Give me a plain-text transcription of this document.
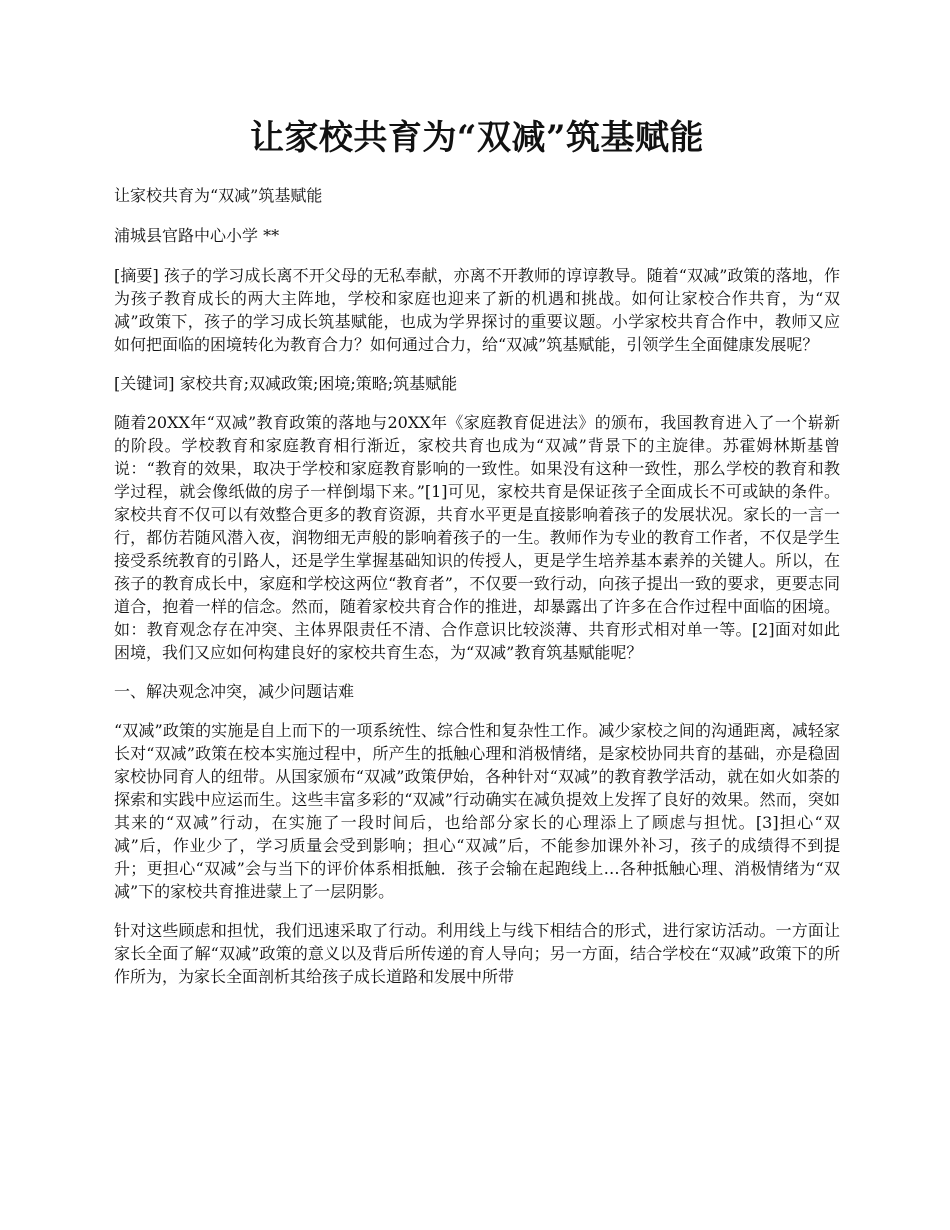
让家校共育为“双减”筑基赋能

让家校共育为“双减”筑基赋能

浦城县官路中心小学 **

[摘要] 孩子的学习成长离不开父母的无私奉献，亦离不开教师的谆谆教导。随着“双减”政策的落地，作为孩子教育成长的两大主阵地，学校和家庭也迎来了新的机遇和挑战。如何让家校合作共育，为“双减”政策下，孩子的学习成长筑基赋能，也成为学界探讨的重要议题。小学家校共育合作中，教师又应如何把面临的困境转化为教育合力？如何通过合力，给“双减”筑基赋能，引领学生全面健康发展呢？

[关键词] 家校共育;双减政策;困境;策略;筑基赋能

随着20XX年“双减”教育政策的落地与20XX年《家庭教育促进法》的颁布，我国教育进入了一个崭新的阶段。学校教育和家庭教育相行渐近，家校共育也成为“双减”背景下的主旋律。苏霍姆林斯基曾说：“教育的效果，取决于学校和家庭教育影响的一致性。如果没有这种一致性，那么学校的教育和教学过程，就会像纸做的房子一样倒塌下来。”[1]可见，家校共育是保证孩子全面成长不可或缺的条件。家校共育不仅可以有效整合更多的教育资源，共育水平更是直接影响着孩子的发展状况。家长的一言一行，都仿若随风潜入夜，润物细无声般的影响着孩子的一生。教师作为专业的教育工作者，不仅是学生接受系统教育的引路人，还是学生掌握基础知识的传授人，更是学生培养基本素养的关键人。所以，在孩子的教育成长中，家庭和学校这两位“教育者”，不仅要一致行动，向孩子提出一致的要求，更要志同道合，抱着一样的信念。然而，随着家校共育合作的推进，却暴露出了许多在合作过程中面临的困境。如：教育观念存在冲突、主体界限责任不清、合作意识比较淡薄、共育形式相对单一等。[2]面对如此困境，我们又应如何构建良好的家校共育生态，为“双减”教育筑基赋能呢？

一、解决观念冲突，减少问题诘难

“双减”政策的实施是自上而下的一项系统性、综合性和复杂性工作。减少家校之间的沟通距离，减轻家长对“双减”政策在校本实施过程中，所产生的抵触心理和消极情绪，是家校协同共育的基础，亦是稳固家校协同育人的纽带。从国家颁布“双减”政策伊始，各种针对“双减”的教育教学活动，就在如火如荼的探索和实践中应运而生。这些丰富多彩的“双减”行动确实在减负提效上发挥了良好的效果。然而，突如其来的“双减”行动，在实施了一段时间后，也给部分家长的心理添上了顾虑与担忧。[3]担心“双减”后，作业少了，学习质量会受到影响；担心“双减”后，不能参加课外补习，孩子的成绩得不到提升；更担心“双减”会与当下的评价体系相抵触．孩子会输在起跑线上…各种抵触心理、消极情绪为“双减”下的家校共育推进蒙上了一层阴影。

针对这些顾虑和担忧，我们迅速采取了行动。利用线上与线下相结合的形式，进行家访活动。一方面让家长全面了解“双减”政策的意义以及背后所传递的育人导向；另一方面，结合学校在“双减”政策下的所作所为，为家长全面剖析其给孩子成长道路和发展中所带
